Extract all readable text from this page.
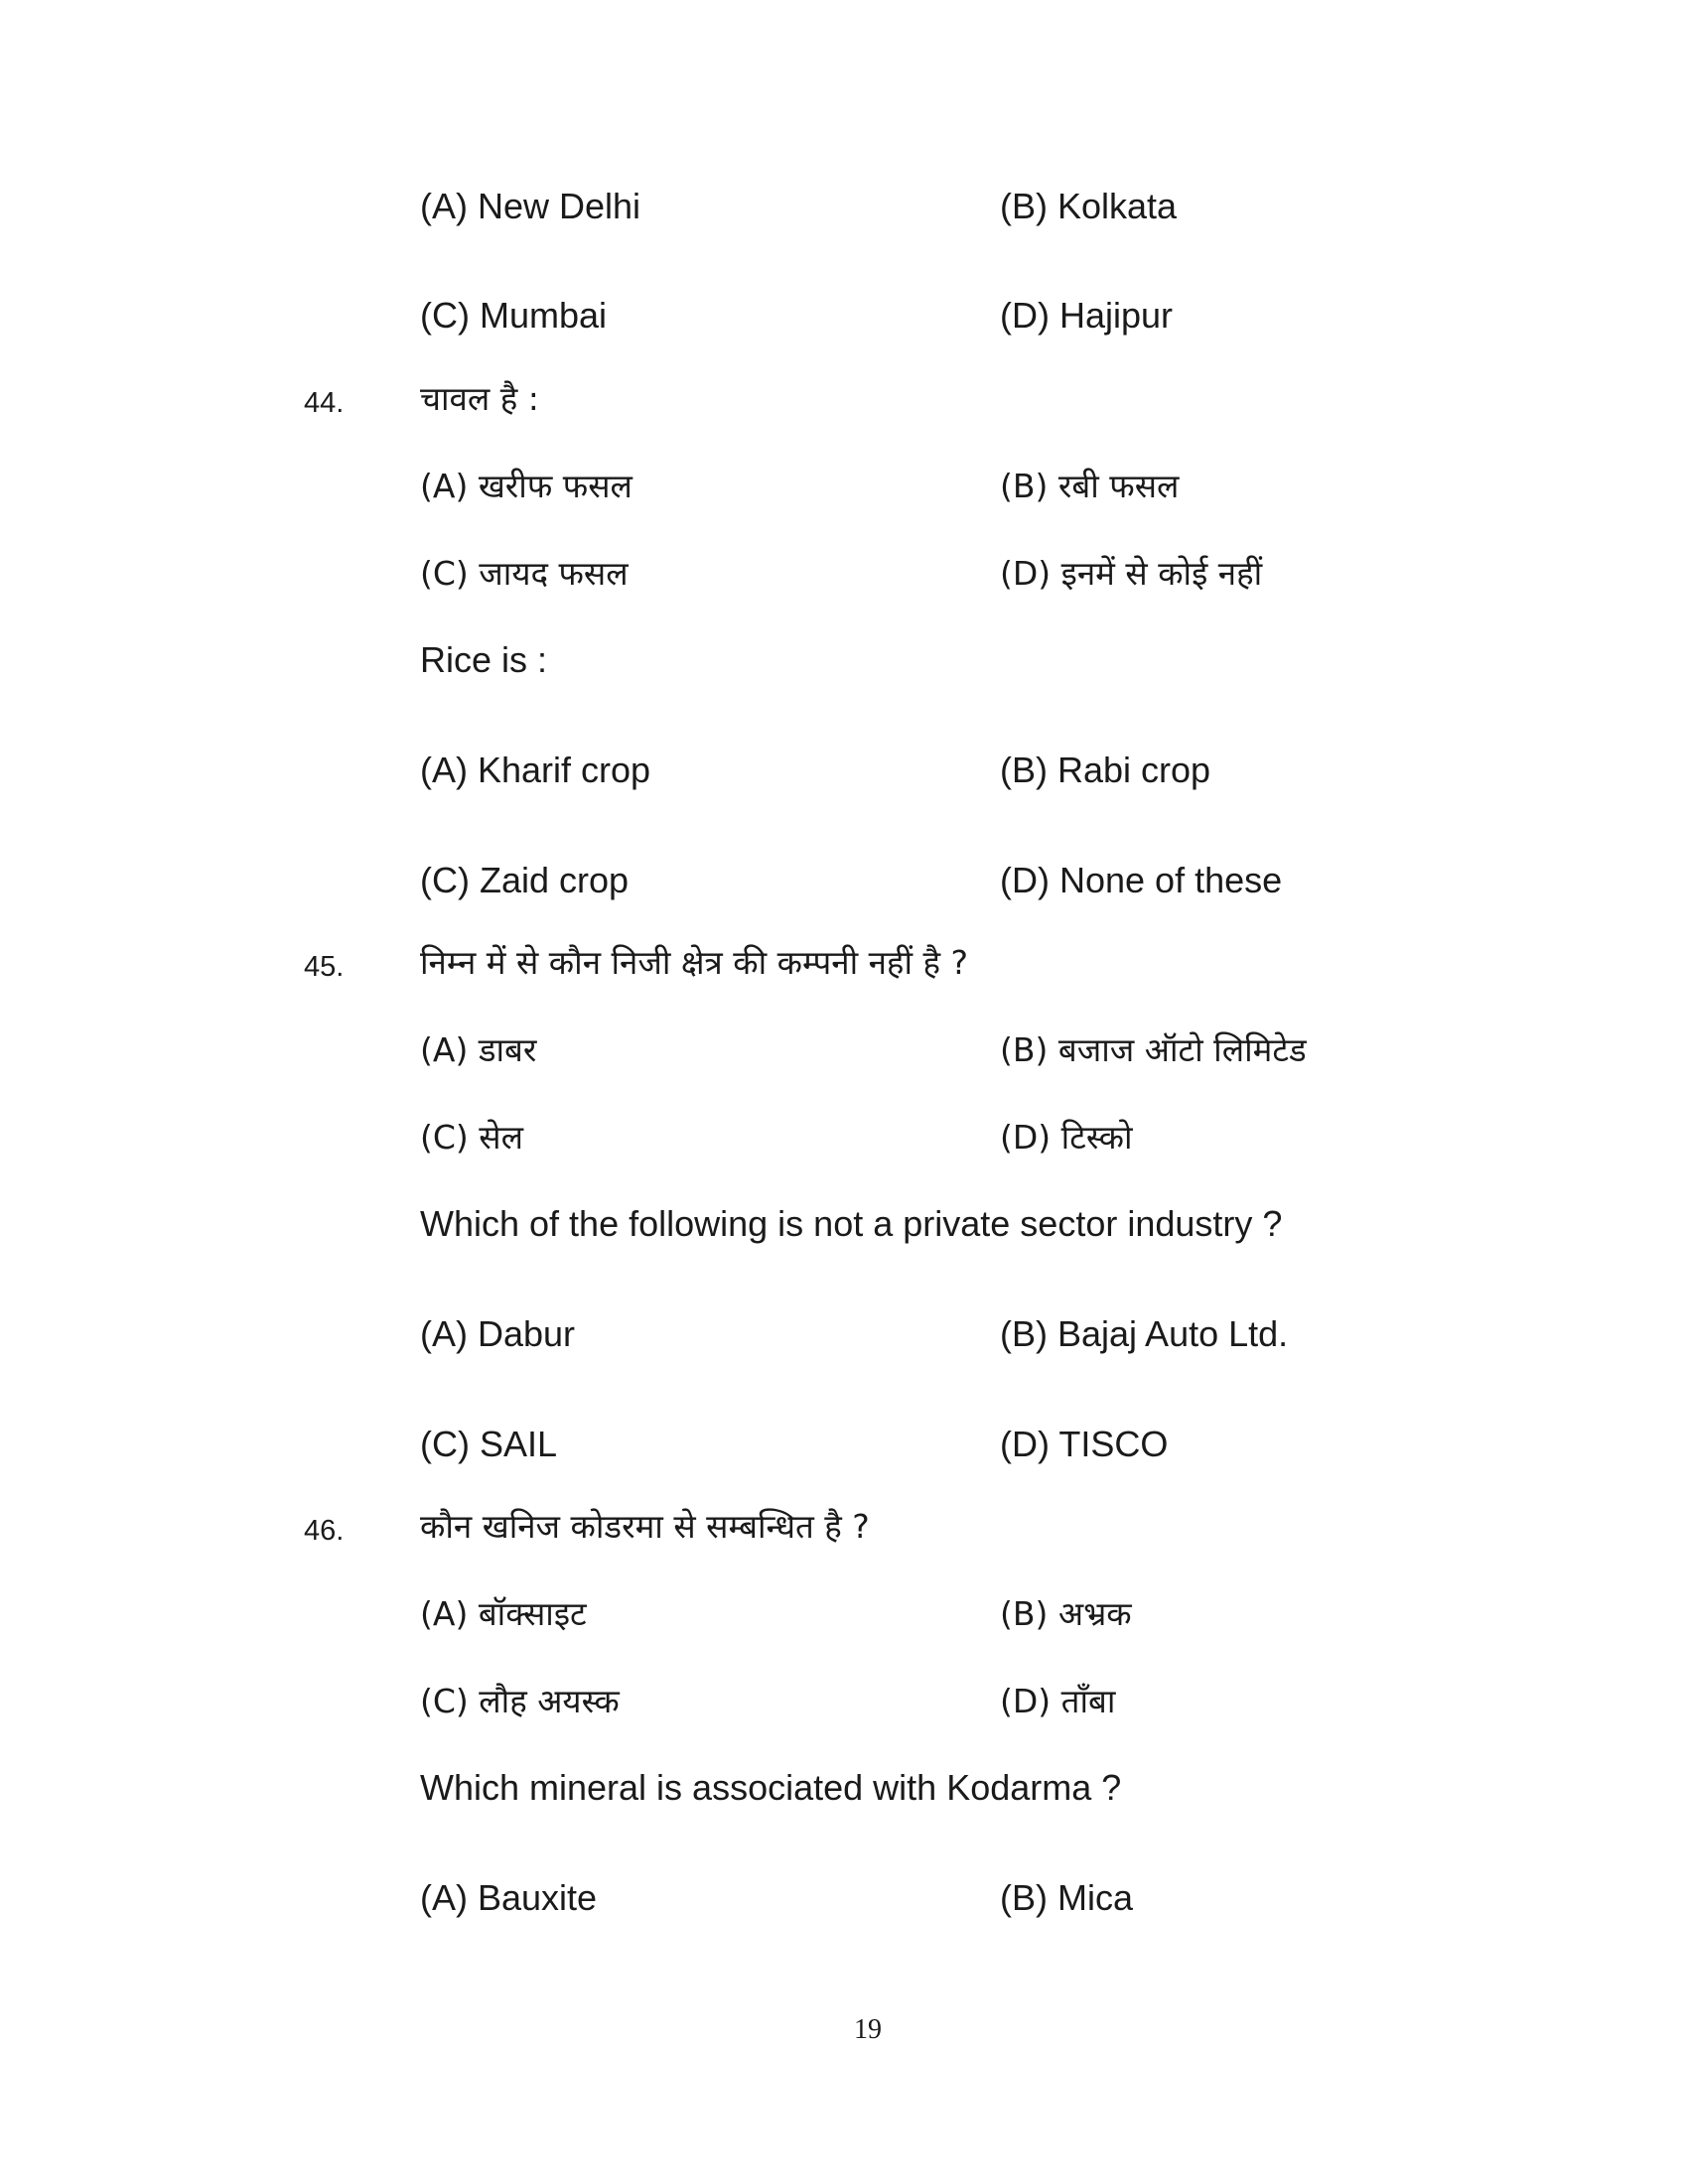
(A) New Delhi	(B) Kolkata
(C) Mumbai	(D) Hajipur
44. चावल है :
(A) खरीफ फसल	(B) रबी फसल
(C) जायद फसल	(D) इनमें से कोई नहीं
Rice is :
(A) Kharif crop	(B) Rabi crop
(C) Zaid crop	(D) None of these
45. निम्न में से कौन निजी क्षेत्र की कम्पनी नहीं है ?
(A) डाबर	(B) बजाज ऑटो लिमिटेड
(C) सेल	(D) टिस्को
Which of the following is not a private sector industry ?
(A) Dabur	(B) Bajaj Auto Ltd.
(C) SAIL	(D) TISCO
46. कौन खनिज कोडरमा से सम्बन्धित है ?
(A) बॉक्साइट	(B) अभ्रक
(C) लौह अयस्क	(D) ताँबा
Which mineral is associated with Kodarma ?
(A) Bauxite	(B) Mica
19
